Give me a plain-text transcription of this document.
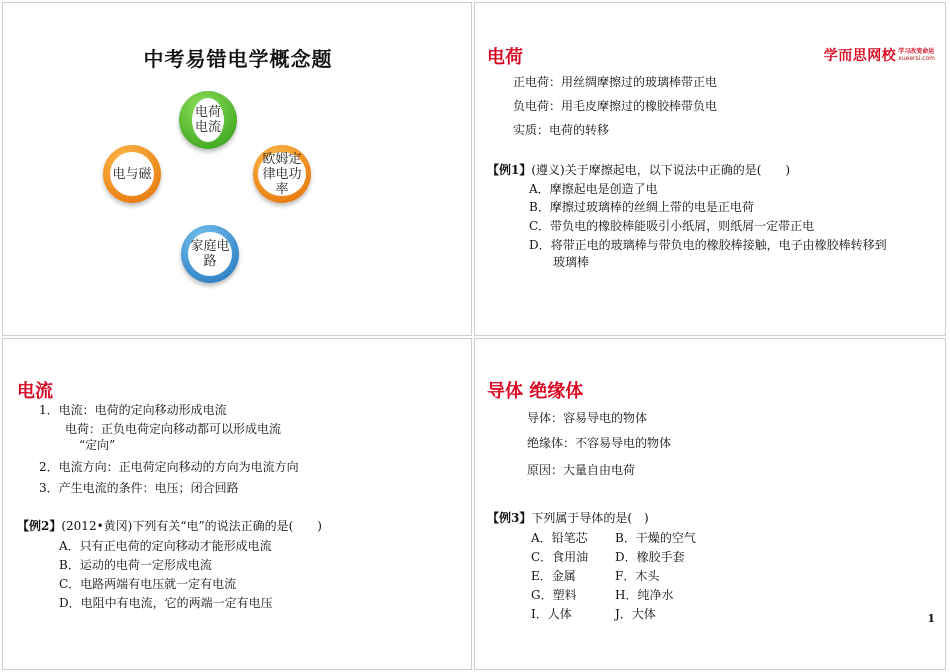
中考易错电学概念题
电荷电流
电与磁
欧姆定律电功率
家庭电路
电荷	学而思网校 学习改变命运
xueersi.com
正电荷：用丝绸摩擦过的玻璃棒带正电
负电荷：用毛皮摩擦过的橡胶棒带负电
实质：电荷的转移
【例1】(遵义)关于摩擦起电，以下说法中正确的是(　　)
A．摩擦起电是创造了电
B．摩擦过玻璃棒的丝绸上带的电是正电荷
C．带负电的橡胶棒能吸引小纸屑，则纸屑一定带正电
D．将带正电的玻璃棒与带负电的橡胶棒接触，电子由橡胶棒转移到
玻璃棒
电流
1．电流：电荷的定向移动形成电流
电荷：正负电荷定向移动都可以形成电流
“定向”
2．电流方向：正电荷定向移动的方向为电流方向
3．产生电流的条件：电压；闭合回路
【例2】(2012•黄冈)下列有关“电”的说法正确的是(　　)
A．只有正电荷的定向移动才能形成电流
B．运动的电荷一定形成电流
C．电路两端有电压就一定有电流
D．电阻中有电流，它的两端一定有电压
导体 绝缘体
导体：容易导电的物体
绝缘体：不容易导电的物体
原因：大量自由电荷
【例3】下列属于导体的是(　)
A．铅笔芯 B．干燥的空气
C．食用油 D．橡胶手套
E．金属	F．木头
G．塑料	H．纯净水
I．人体	J．大体	1
